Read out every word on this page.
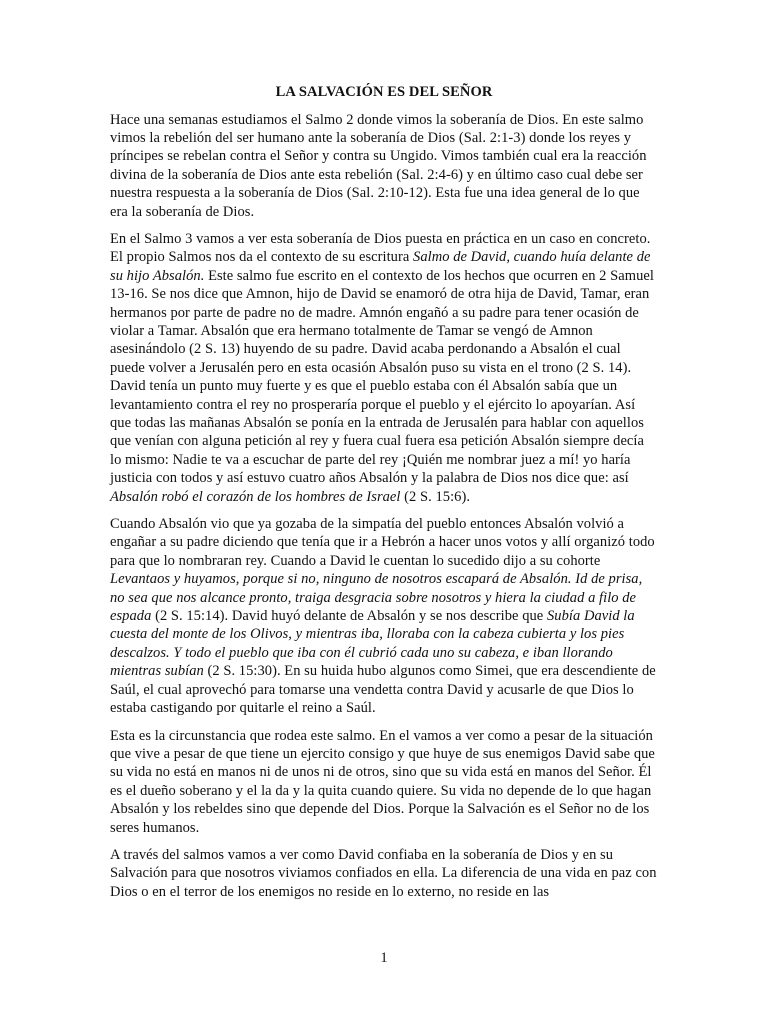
LA SALVACIÓN ES DEL SEÑOR

Hace una semanas estudiamos el Salmo 2 donde vimos la soberanía de Dios. En este salmo vimos la rebelión del ser humano ante la soberanía de Dios (Sal. 2:1-3) donde los reyes y príncipes se rebelan contra el Señor y contra su Ungido. Vimos también cual era la reacción divina de la soberanía de Dios ante esta rebelión (Sal. 2:4-6) y en último caso cual debe ser nuestra respuesta a la soberanía de Dios (Sal. 2:10-12). Esta fue una idea general de lo que era la soberanía de Dios.

En el Salmo 3 vamos a ver esta soberanía de Dios puesta en práctica en un caso en concreto. El propio Salmos nos da el contexto de su escritura Salmo de David, cuando huía delante de su hijo Absalón. Este salmo fue escrito en el contexto de los hechos que ocurren en 2 Samuel 13-16. Se nos dice que Amnon, hijo de David se enamoró de otra hija de David, Tamar, eran hermanos por parte de padre no de madre. Amnón engañó a su padre para tener ocasión de violar a Tamar. Absalón que era hermano totalmente de Tamar se vengó de Amnon asesinándolo (2 S. 13) huyendo de su padre. David acaba perdonando a Absalón el cual puede volver a Jerusalén pero en esta ocasión Absalón puso su vista en el trono (2 S. 14). David tenía un punto muy fuerte y es que el pueblo estaba con él Absalón sabía que un levantamiento contra el rey no prosperaría porque el pueblo y el ejército lo apoyarían. Así que todas las mañanas Absalón se ponía en la entrada de Jerusalén para hablar con aquellos que venían con alguna petición al rey y fuera cual fuera esa petición Absalón siempre decía lo mismo: Nadie te va a escuchar de parte del rey ¡Quién me nombrar juez a mí! yo haría justicia con todos y así estuvo cuatro años Absalón y la palabra de Dios nos dice que: así Absalón robó el corazón de los hombres de Israel (2 S. 15:6).

Cuando Absalón vio que ya gozaba de la simpatía del pueblo entonces Absalón volvió a engañar a su padre diciendo que tenía que ir a Hebrón a hacer unos votos y allí organizó todo para que lo nombraran rey. Cuando a David le cuentan lo sucedido dijo a su cohorte Levantaos y huyamos, porque si no, ninguno de nosotros escapará de Absalón. Id de prisa, no sea que nos alcance pronto, traiga desgracia sobre nosotros y hiera la ciudad a filo de espada (2 S. 15:14). David huyó delante de Absalón y se nos describe que Subía David la cuesta del monte de los Olivos, y mientras iba, lloraba con la cabeza cubierta y los pies descalzos. Y todo el pueblo que iba con él cubrió cada uno su cabeza, e iban llorando mientras subían (2 S. 15:30). En su huida hubo algunos como Simei, que era descendiente de Saúl, el cual aprovechó para tomarse una vendetta contra David y acusarle de que Dios lo estaba castigando por quitarle el reino a Saúl.

Esta es la circunstancia que rodea este salmo. En el vamos a ver como a pesar de la situación que vive a pesar de que tiene un ejercito consigo y que huye de sus enemigos David sabe que su vida no está en manos ni de unos ni de otros, sino que su vida está en manos del Señor. Él es el dueño soberano y el la da y la quita cuando quiere. Su vida no depende de lo que hagan Absalón y los rebeldes sino que depende del Dios. Porque la Salvación es el Señor no de los seres humanos.

A través del salmos vamos a ver como David confiaba en la soberanía de Dios y en su Salvación para que nosotros viviamos confiados en ella. La diferencia de una vida en paz con Dios o en el terror de los enemigos no reside en lo externo, no reside en las

1
